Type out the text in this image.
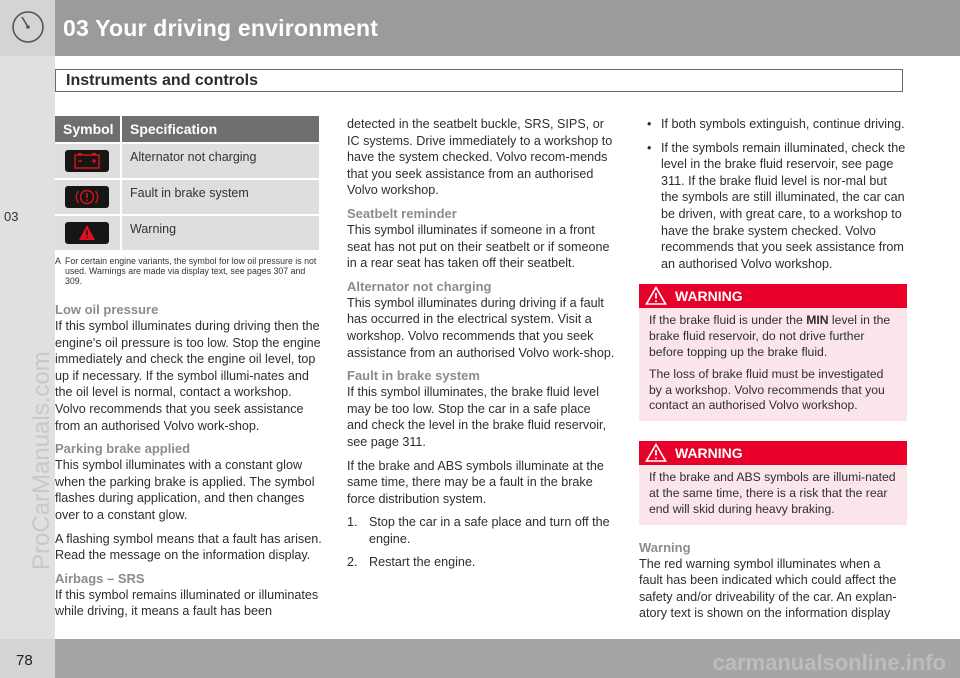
03 Your driving environment
Instruments and controls
03
ProCarManuals.com
78	carmanualsonline.info
Symbol Specification
Alternator not charging
Fault in brake system
Warning
A For certain engine variants, the symbol for low oil pressure is not used. Warnings are made via display text, see pages 307 and 309.
Low oil pressure

If this symbol illuminates during driving then the engine's oil pressure is too low. Stop the engine immediately and check the engine oil level, top up if necessary. If the symbol illumi-nates and the oil level is normal, contact a workshop. Volvo recommends that you seek assistance from an authorised Volvo work-shop.

Parking brake applied

This symbol illuminates with a constant glow when the parking brake is applied. The symbol flashes during application, and then changes over to a constant glow.

A flashing symbol means that a fault has arisen. Read the message on the information display.

Airbags – SRS

If this symbol remains illuminated or illuminates while driving, it means a fault has been

detected in the seatbelt buckle, SRS, SIPS, or IC systems. Drive immediately to a workshop to have the system checked. Volvo recom-mends that you seek assistance from an authorised Volvo workshop.

Seatbelt reminder

This symbol illuminates if someone in a front seat has not put on their seatbelt or if someone in a rear seat has taken off their seatbelt.

Alternator not charging

This symbol illuminates during driving if a fault has occurred in the electrical system. Visit a workshop. Volvo recommends that you seek assistance from an authorised Volvo work-shop.

Fault in brake system

If this symbol illuminates, the brake fluid level may be too low. Stop the car in a safe place and check the level in the brake fluid reservoir, see page 311.

If the brake and ABS symbols illuminate at the same time, there may be a fault in the brake force distribution system.

1. Stop the car in a safe place and turn off the engine.
2. Restart the engine.
• If both symbols extinguish, continue driving.
• If the symbols remain illuminated, check the level in the brake fluid reservoir, see page 311. If the brake fluid level is nor-mal but the symbols are still illuminated, the car can be driven, with great care, to a workshop to have the brake system checked. Volvo recommends that you seek assistance from an authorised Volvo workshop.
WARNING

If the brake fluid is under the MIN level in the brake fluid reservoir, do not drive further before topping up the brake fluid.

The loss of brake fluid must be investigated by a workshop. Volvo recommends that you contact an authorised Volvo workshop.

WARNING

If the brake and ABS symbols are illumi-nated at the same time, there is a risk that the rear end will skid during heavy braking.

Warning

The red warning symbol illuminates when a fault has been indicated which could affect the safety and/or driveability of the car. An explan-atory text is shown on the information display
